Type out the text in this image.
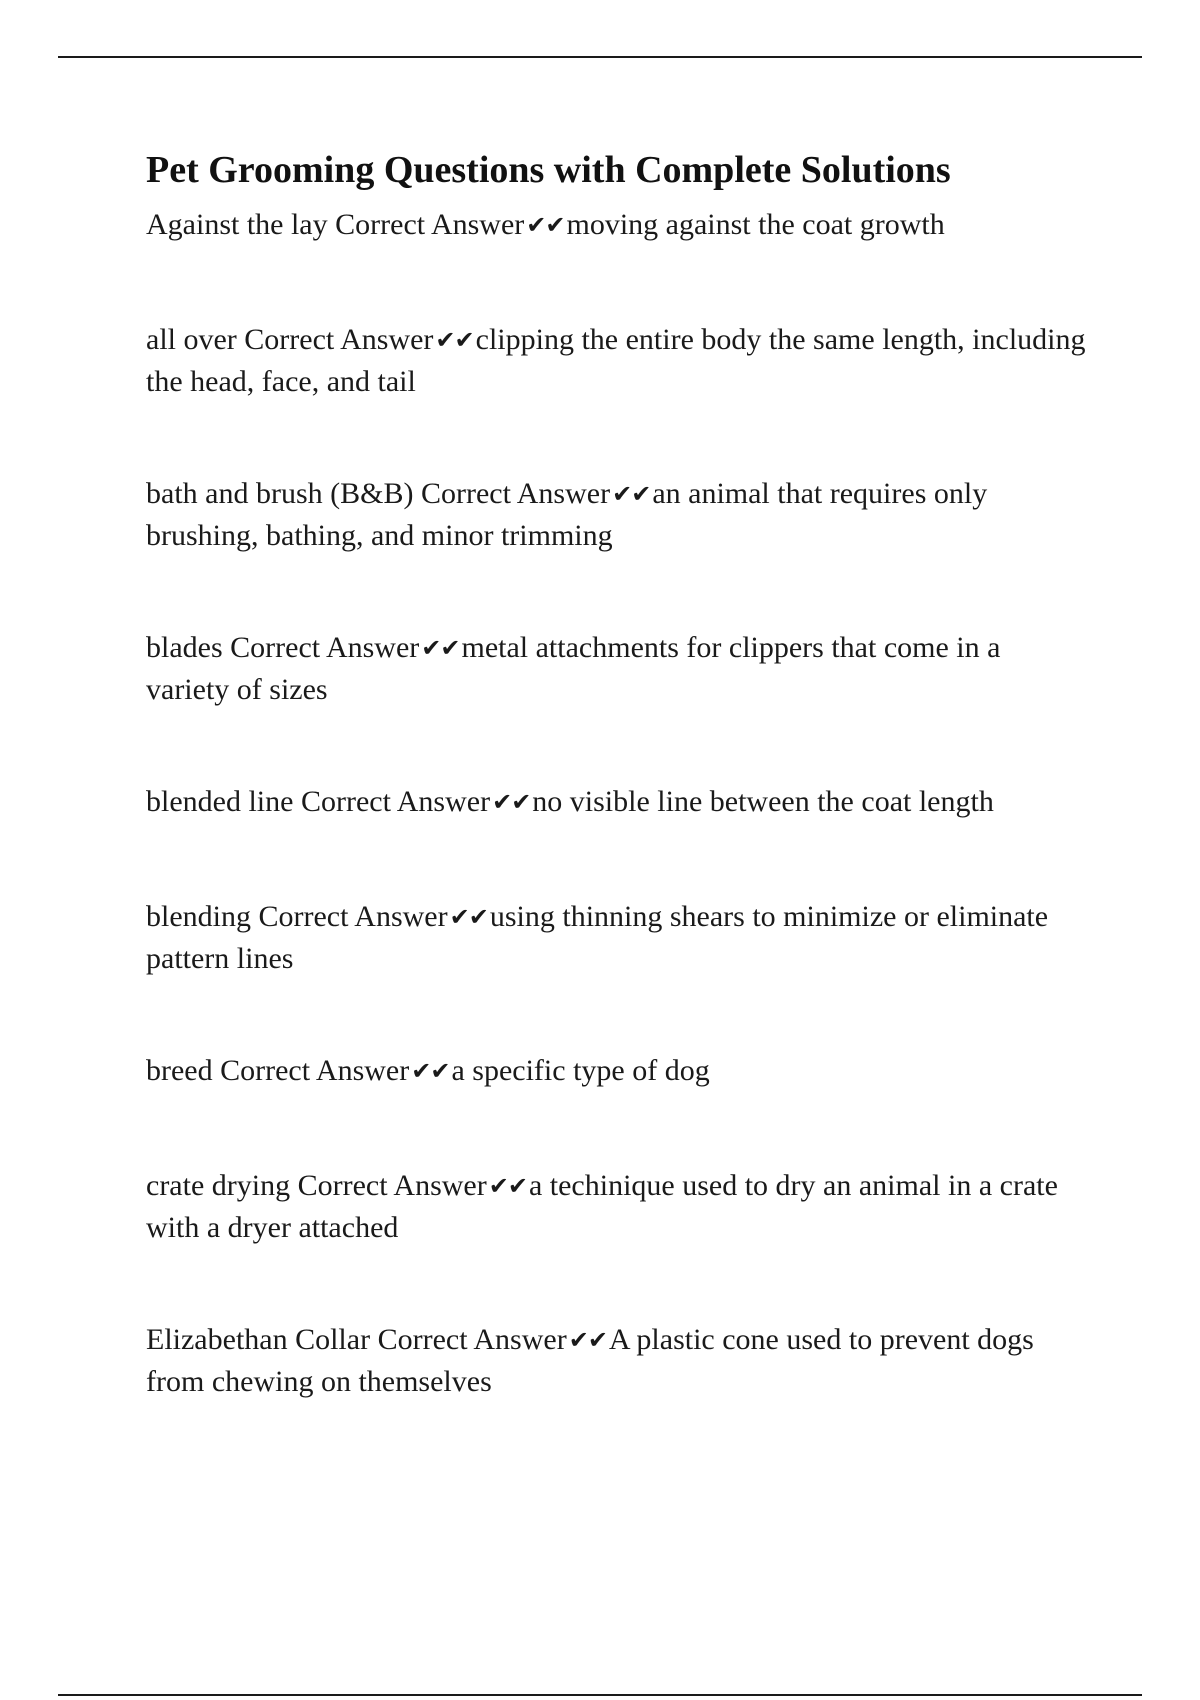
Pet Grooming Questions with Complete Solutions

Against the lay Correct Answer✔✔moving against the coat growth

all over Correct Answer✔✔clipping the entire body the same length, including the head, face, and tail

bath and brush (B&B) Correct Answer✔✔an animal that requires only brushing, bathing, and minor trimming

blades Correct Answer✔✔metal attachments for clippers that come in a variety of sizes

blended line Correct Answer✔✔no visible line between the coat length

blending Correct Answer✔✔using thinning shears to minimize or eliminate pattern lines

breed Correct Answer✔✔a specific type of dog

crate drying Correct Answer✔✔a techinique used to dry an animal in a crate with a dryer attached

Elizabethan Collar Correct Answer✔✔A plastic cone used to prevent dogs from chewing on themselves
